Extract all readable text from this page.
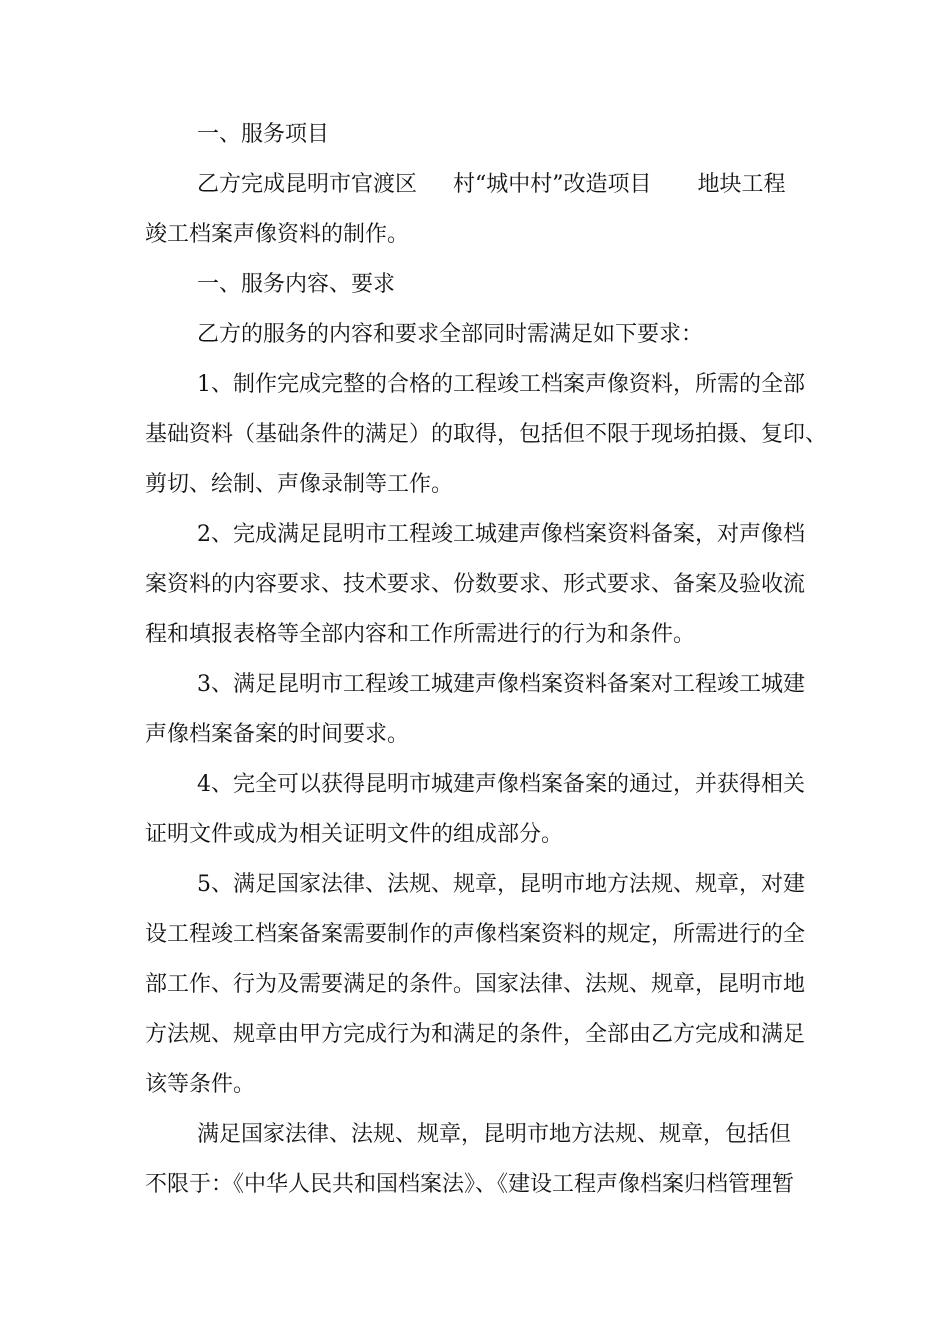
一、服务项目

乙方完成昆明市官渡区 村“城中村”改造项目 地块工程
竣工档案声像资料的制作。

一、服务内容、要求

乙方的服务的内容和要求全部同时需满足如下要求：

1、制作完成完整的合格的工程竣工档案声像资料，所需的全部
基础资料（基础条件的满足）的取得，包括但不限于现场拍摄、复印、
剪切、绘制、声像录制等工作。
2、完成满足昆明市工程竣工城建声像档案资料备案，对声像档
案资料的内容要求、技术要求、份数要求、形式要求、备案及验收流
程和填报表格等全部内容和工作所需进行的行为和条件。
3、满足昆明市工程竣工城建声像档案资料备案对工程竣工城建
声像档案备案的时间要求。
4、完全可以获得昆明市城建声像档案备案的通过，并获得相关
证明文件或成为相关证明文件的组成部分。
5、满足国家法律、法规、规章，昆明市地方法规、规章，对建
设工程竣工档案备案需要制作的声像档案资料的规定，所需进行的全
部工作、行为及需要满足的条件。国家法律、法规、规章，昆明市地
方法规、规章由甲方完成行为和满足的条件，全部由乙方完成和满足
该等条件。
满足国家法律、法规、规章，昆明市地方法规、规章，包括但
不限于：《中华人民共和国档案法》、《建设工程声像档案归档管理暂
